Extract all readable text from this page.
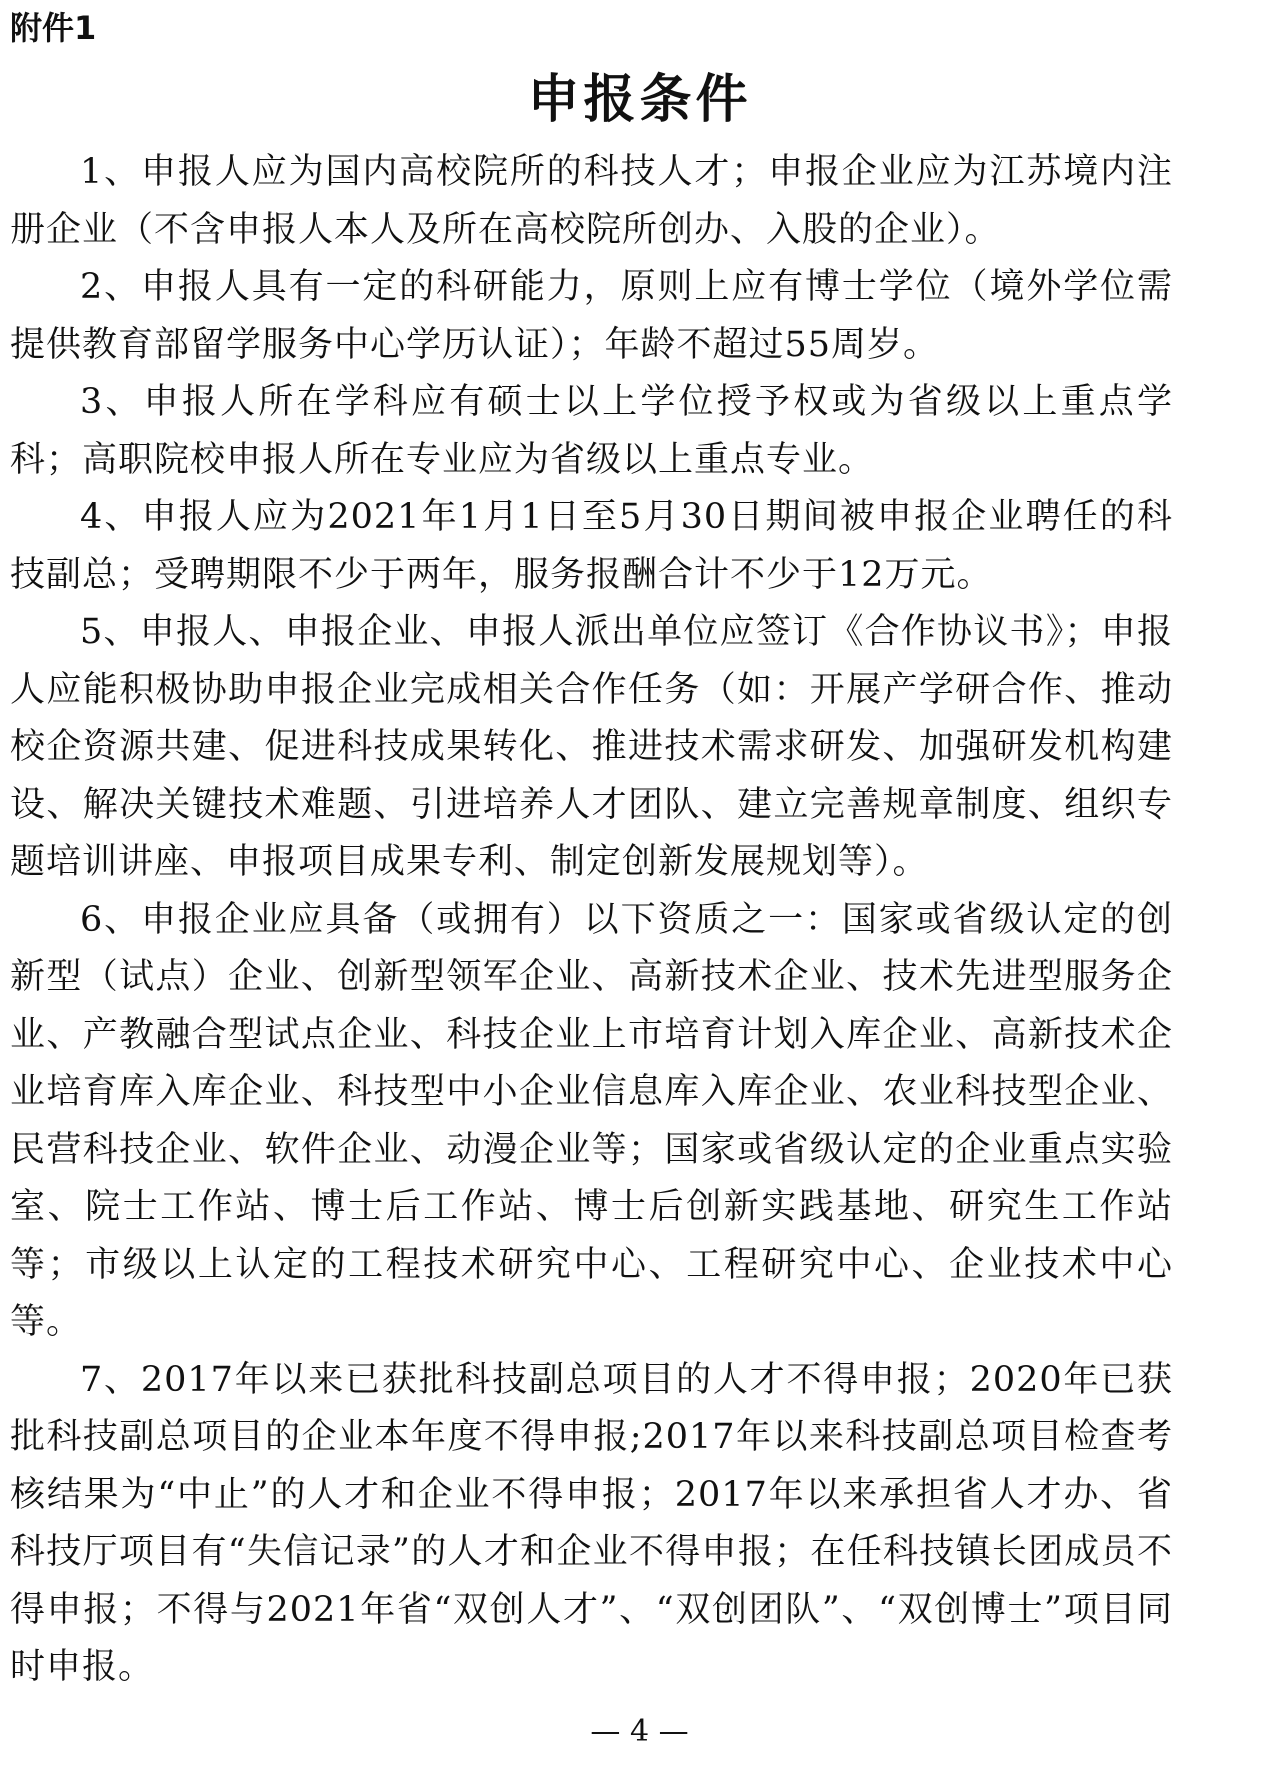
附件1

申报条件

1、申报人应为国内高校院所的科技人才；申报企业应为江苏境内注册企业（不含申报人本人及所在高校院所创办、入股的企业）。

2、申报人具有一定的科研能力，原则上应有博士学位（境外学位需提供教育部留学服务中心学历认证）；年龄不超过55周岁。

3、申报人所在学科应有硕士以上学位授予权或为省级以上重点学科；高职院校申报人所在专业应为省级以上重点专业。

4、申报人应为2021年1月1日至5月30日期间被申报企业聘任的科技副总；受聘期限不少于两年，服务报酬合计不少于12万元。

5、申报人、申报企业、申报人派出单位应签订《合作协议书》；申报人应能积极协助申报企业完成相关合作任务（如：开展产学研合作、推动校企资源共建、促进科技成果转化、推进技术需求研发、加强研发机构建设、解决关键技术难题、引进培养人才团队、建立完善规章制度、组织专题培训讲座、申报项目成果专利、制定创新发展规划等）。

6、申报企业应具备（或拥有）以下资质之一：国家或省级认定的创新型（试点）企业、创新型领军企业、高新技术企业、技术先进型服务企业、产教融合型试点企业、科技企业上市培育计划入库企业、高新技术企业培育库入库企业、科技型中小企业信息库入库企业、农业科技型企业、民营科技企业、软件企业、动漫企业等；国家或省级认定的企业重点实验室、院士工作站、博士后工作站、博士后创新实践基地、研究生工作站等；市级以上认定的工程技术研究中心、工程研究中心、企业技术中心等。

7、2017年以来已获批科技副总项目的人才不得申报；2020年已获批科技副总项目的企业本年度不得申报;2017年以来科技副总项目检查考核结果为“中止”的人才和企业不得申报；2017年以来承担省人才办、省科技厅项目有“失信记录”的人才和企业不得申报；在任科技镇长团成员不得申报；不得与2021年省“双创人才”、“双创团队”、“双创博士”项目同时申报。

— 4 —
